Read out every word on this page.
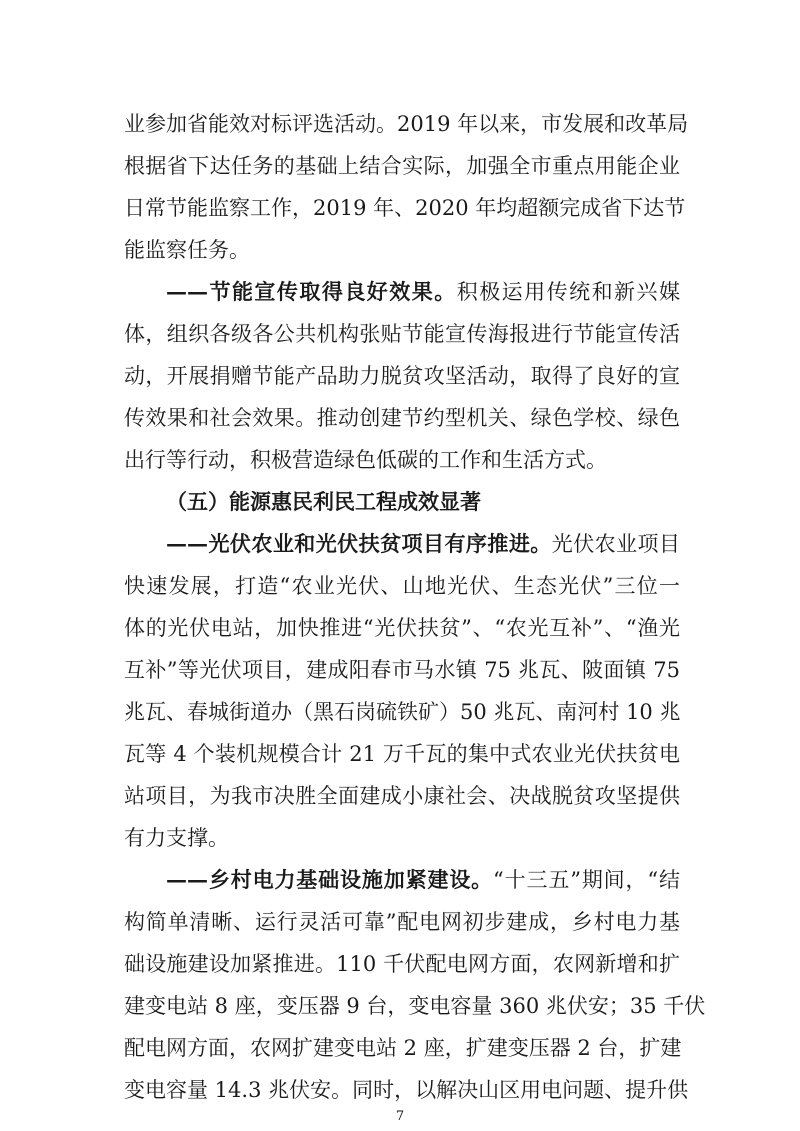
业参加省能效对标评选活动。2019 年以来，市发展和改革局
根据省下达任务的基础上结合实际，加强全市重点用能企业
日常节能监察工作，2019 年、2020 年均超额完成省下达节
能监察任务。
——节能宣传取得良好效果。积极运用传统和新兴媒
体，组织各级各公共机构张贴节能宣传海报进行节能宣传活
动，开展捐赠节能产品助力脱贫攻坚活动，取得了良好的宣
传效果和社会效果。推动创建节约型机关、绿色学校、绿色
出行等行动，积极营造绿色低碳的工作和生活方式。
（五）能源惠民利民工程成效显著
——光伏农业和光伏扶贫项目有序推进。光伏农业项目
快速发展，打造“农业光伏、山地光伏、生态光伏”三位一
体的光伏电站，加快推进“光伏扶贫”、“农光互补”、“渔光
互补”等光伏项目，建成阳春市马水镇 75 兆瓦、陂面镇 75
兆瓦、春城街道办（黑石岗硫铁矿）50 兆瓦、南河村 10 兆
瓦等 4 个装机规模合计 21 万千瓦的集中式农业光伏扶贫电
站项目，为我市决胜全面建成小康社会、决战脱贫攻坚提供
有力支撑。
——乡村电力基础设施加紧建设。“十三五”期间，“结
构简单清晰、运行灵活可靠”配电网初步建成，乡村电力基
础设施建设加紧推进。110 千伏配电网方面，农网新增和扩
建变电站 8 座，变压器 9 台，变电容量 360 兆伏安；35 千伏
配电网方面，农网扩建变电站 2 座，扩建变压器 2 台，扩建
变电容量 14.3 兆伏安。同时，以解决山区用电问题、提升供
7
